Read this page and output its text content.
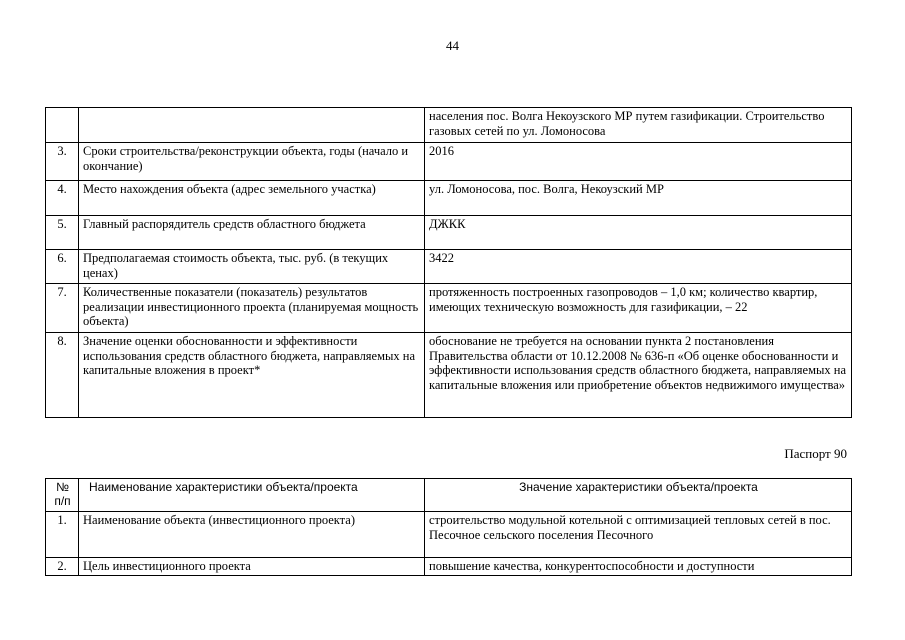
44
		населения пос. Волга Некоузского МР путем газификации. Строительство газовых сетей по ул. Ломоносова
3.	Сроки строительства/реконструкции объекта, годы (начало и окончание)	2016
4.	Место нахождения объекта (адрес земельного участка)	ул. Ломоносова, пос. Волга, Некоузский МР
5.	Главный распорядитель средств областного бюджета	ДЖКК
6.	Предполагаемая стоимость объекта, тыс. руб. (в текущих ценах)	3422
7.	Количественные показатели (показатель) результатов реализации инвестиционного проекта (планируемая мощность объекта)	протяженность построенных газопроводов – 1,0 км; количество квартир, имеющих техническую возможность для газификации, – 22
8.	Значение оценки обоснованности и эффективности использования средств областного бюджета, направляемых на капитальные вложения в проект*	обоснование не требуется на основании пункта 2 постановления Правительства области от 10.12.2008 № 636-п «Об оценке обоснованности и эффективности использования средств областного бюджета, направляемых на капитальные вложения или приобретение объектов недвижимого имущества»
Паспорт 90
№ п/п	Наименование характеристики объекта/проекта	Значение характеристики объекта/проекта
1.	Наименование объекта (инвестиционного проекта)	строительство модульной котельной с оптимизацией тепловых сетей в пос. Песочное сельского поселения Песочного
2.	Цель инвестиционного проекта	повышение качества, конкурентоспособности и доступности
